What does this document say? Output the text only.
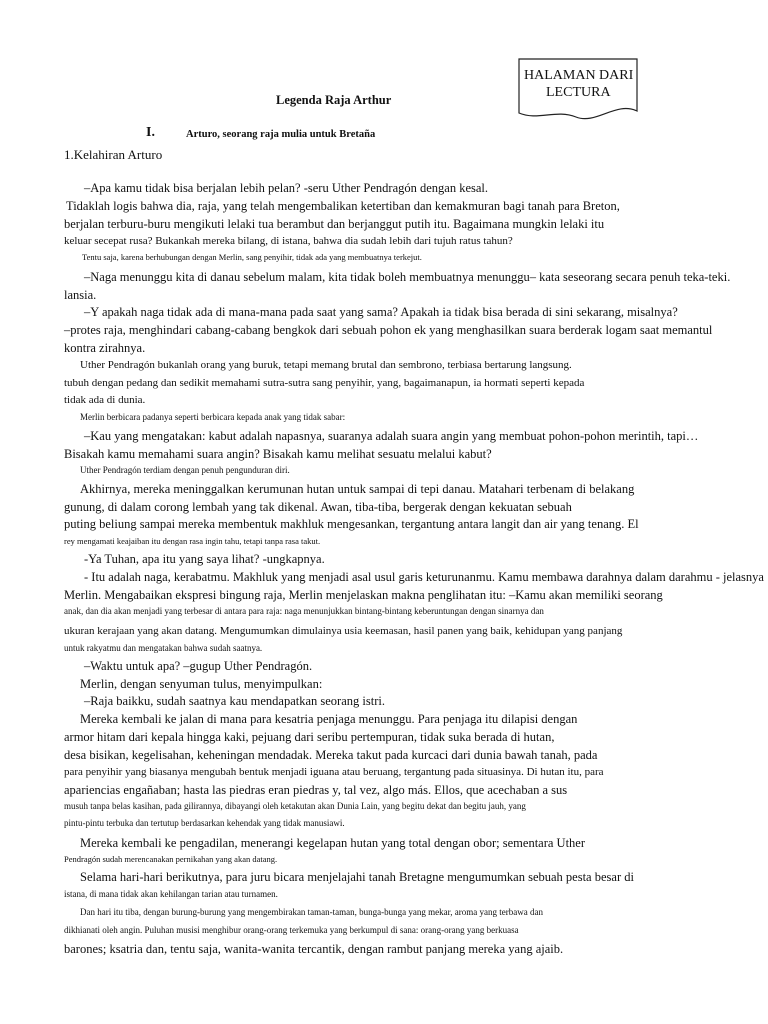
HALAMAN DARI
LECTURA
Legenda Raja Arthur
I.	Arturo, seorang raja mulia untuk Bretaña
1.Kelahiran Arturo
–Apa kamu tidak bisa berjalan lebih pelan? -seru Uther Pendragón dengan kesal.
Tidaklah logis bahwa dia, raja, yang telah mengembalikan ketertiban dan kemakmuran bagi tanah para Breton,
berjalan terburu-buru mengikuti lelaki tua berambut dan berjanggut putih itu. Bagaimana mungkin lelaki itu
keluar secepat rusa? Bukankah mereka bilang, di istana, bahwa dia sudah lebih dari tujuh ratus tahun?
Tentu saja, karena berhubungan dengan Merlin, sang penyihir, tidak ada yang membuatnya terkejut.
–Naga menunggu kita di danau sebelum malam, kita tidak boleh membuatnya menunggu– kata seseorang secara penuh teka-teki.
lansia.
–Y apakah naga tidak ada di mana-mana pada saat yang sama? Apakah ia tidak bisa berada di sini sekarang, misalnya?
–protes raja, menghindari cabang-cabang bengkok dari sebuah pohon ek yang menghasilkan suara berderak logam saat memantul
kontra zirahnya.
Uther Pendragón bukanlah orang yang buruk, tetapi memang brutal dan sembrono, terbiasa bertarung langsung.
tubuh dengan pedang dan sedikit memahami sutra-sutra sang penyihir, yang, bagaimanapun, ia hormati seperti kepada
tidak ada di dunia.
Merlin berbicara padanya seperti berbicara kepada anak yang tidak sabar:
–Kau yang mengatakan: kabut adalah napasnya, suaranya adalah suara angin yang membuat pohon-pohon merintih, tapi…
Bisakah kamu memahami suara angin? Bisakah kamu melihat sesuatu melalui kabut?
Uther Pendragón terdiam dengan penuh pengunduran diri.
Akhirnya, mereka meninggalkan kerumunan hutan untuk sampai di tepi danau. Matahari terbenam di belakang
gunung, di dalam corong lembah yang tak dikenal. Awan, tiba-tiba, bergerak dengan kekuatan sebuah
puting beliung sampai mereka membentuk makhluk mengesankan, tergantung antara langit dan air yang tenang. El
rey mengamati keajaiban itu dengan rasa ingin tahu, tetapi tanpa rasa takut.
-Ya Tuhan, apa itu yang saya lihat? -ungkapnya.
- Itu adalah naga, kerabatmu. Makhluk yang menjadi asal usul garis keturunanmu. Kamu membawa darahnya dalam darahmu - jelasnya
Merlin. Mengabaikan ekspresi bingung raja, Merlin menjelaskan makna penglihatan itu: –Kamu akan memiliki seorang
anak, dan dia akan menjadi yang terbesar di antara para raja: naga menunjukkan bintang-bintang keberuntungan dengan sinarnya dan
ukuran kerajaan yang akan datang. Mengumumkan dimulainya usia keemasan, hasil panen yang baik, kehidupan yang panjang
untuk rakyatmu dan mengatakan bahwa sudah saatnya.
–Waktu untuk apa? –gugup Uther Pendragón.
Merlin, dengan senyuman tulus, menyimpulkan:
–Raja baikku, sudah saatnya kau mendapatkan seorang istri.
Mereka kembali ke jalan di mana para kesatria penjaga menunggu. Para penjaga itu dilapisi dengan
armor hitam dari kepala hingga kaki, pejuang dari seribu pertempuran, tidak suka berada di hutan,
desa bisikan, kegelisahan, keheningan mendadak. Mereka takut pada kurcaci dari dunia bawah tanah, pada
para penyihir yang biasanya mengubah bentuk menjadi iguana atau beruang, tergantung pada situasinya. Di hutan itu, para
apariencias engañaban; hasta las piedras eran piedras y, tal vez, algo más. Ellos, que acechaban a sus
musuh tanpa belas kasihan, pada gilirannya, dibayangi oleh ketakutan akan Dunia Lain, yang begitu dekat dan begitu jauh, yang
pintu-pintu terbuka dan tertutup berdasarkan kehendak yang tidak manusiawi.
Mereka kembali ke pengadilan, menerangi kegelapan hutan yang total dengan obor; sementara Uther
Pendragón sudah merencanakan pernikahan yang akan datang.
Selama hari-hari berikutnya, para juru bicara menjelajahi tanah Bretagne mengumumkan sebuah pesta besar di
istana, di mana tidak akan kehilangan tarian atau turnamen.
Dan hari itu tiba, dengan burung-burung yang mengembirakan taman-taman, bunga-bunga yang mekar, aroma yang terbawa dan
dikhianati oleh angin. Puluhan musisi menghibur orang-orang terkemuka yang berkumpul di sana: orang-orang yang berkuasa
barones; ksatria dan, tentu saja, wanita-wanita tercantik, dengan rambut panjang mereka yang ajaib.
